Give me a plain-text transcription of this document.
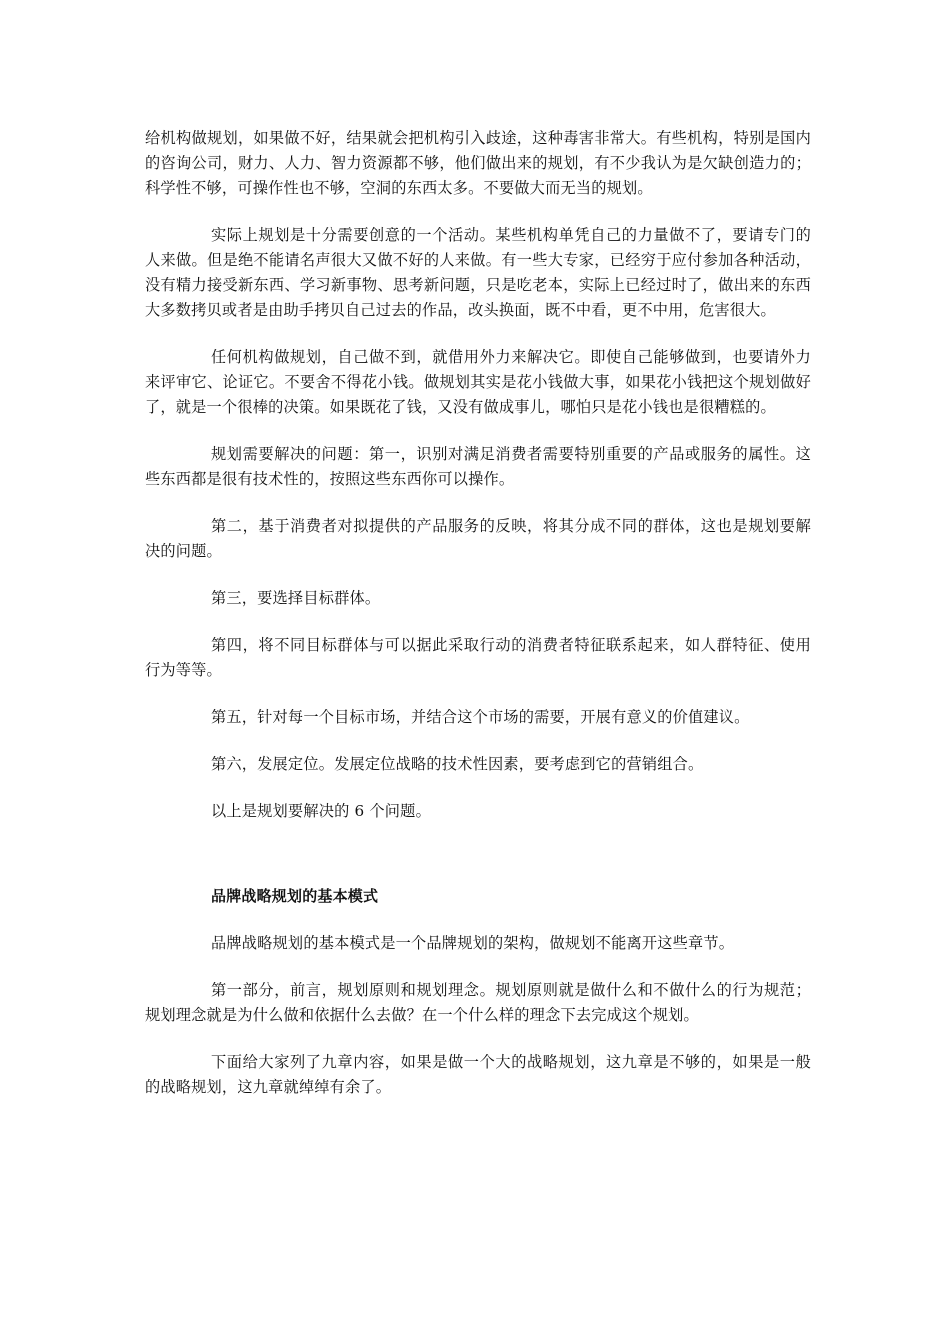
给机构做规划，如果做不好，结果就会把机构引入歧途，这种毒害非常大。有些机构，特别是国内的咨询公司，财力、人力、智力资源都不够，他们做出来的规划，有不少我认为是欠缺创造力的；科学性不够，可操作性也不够，空洞的东西太多。不要做大而无当的规划。

实际上规划是十分需要创意的一个活动。某些机构单凭自己的力量做不了，要请专门的人来做。但是绝不能请名声很大又做不好的人来做。有一些大专家，已经穷于应付参加各种活动，没有精力接受新东西、学习新事物、思考新问题，只是吃老本，实际上已经过时了，做出来的东西大多数拷贝或者是由助手拷贝自己过去的作品，改头换面，既不中看，更不中用，危害很大。

任何机构做规划，自己做不到，就借用外力来解决它。即使自己能够做到，也要请外力来评审它、论证它。不要舍不得花小钱。做规划其实是花小钱做大事，如果花小钱把这个规划做好了，就是一个很棒的决策。如果既花了钱，又没有做成事儿，哪怕只是花小钱也是很糟糕的。

规划需要解决的问题：第一，识别对满足消费者需要特别重要的产品或服务的属性。这些东西都是很有技术性的，按照这些东西你可以操作。

第二，基于消费者对拟提供的产品服务的反映，将其分成不同的群体，这也是规划要解决的问题。

第三，要选择目标群体。

第四，将不同目标群体与可以据此采取行动的消费者特征联系起来，如人群特征、使用行为等等。

第五，针对每一个目标市场，并结合这个市场的需要，开展有意义的价值建议。

第六，发展定位。发展定位战略的技术性因素，要考虑到它的营销组合。

以上是规划要解决的 6 个问题。

品牌战略规划的基本模式

品牌战略规划的基本模式是一个品牌规划的架构，做规划不能离开这些章节。

第一部分，前言，规划原则和规划理念。规划原则就是做什么和不做什么的行为规范；规划理念就是为什么做和依据什么去做？在一个什么样的理念下去完成这个规划。

下面给大家列了九章内容，如果是做一个大的战略规划，这九章是不够的，如果是一般的战略规划，这九章就绰绰有余了。
